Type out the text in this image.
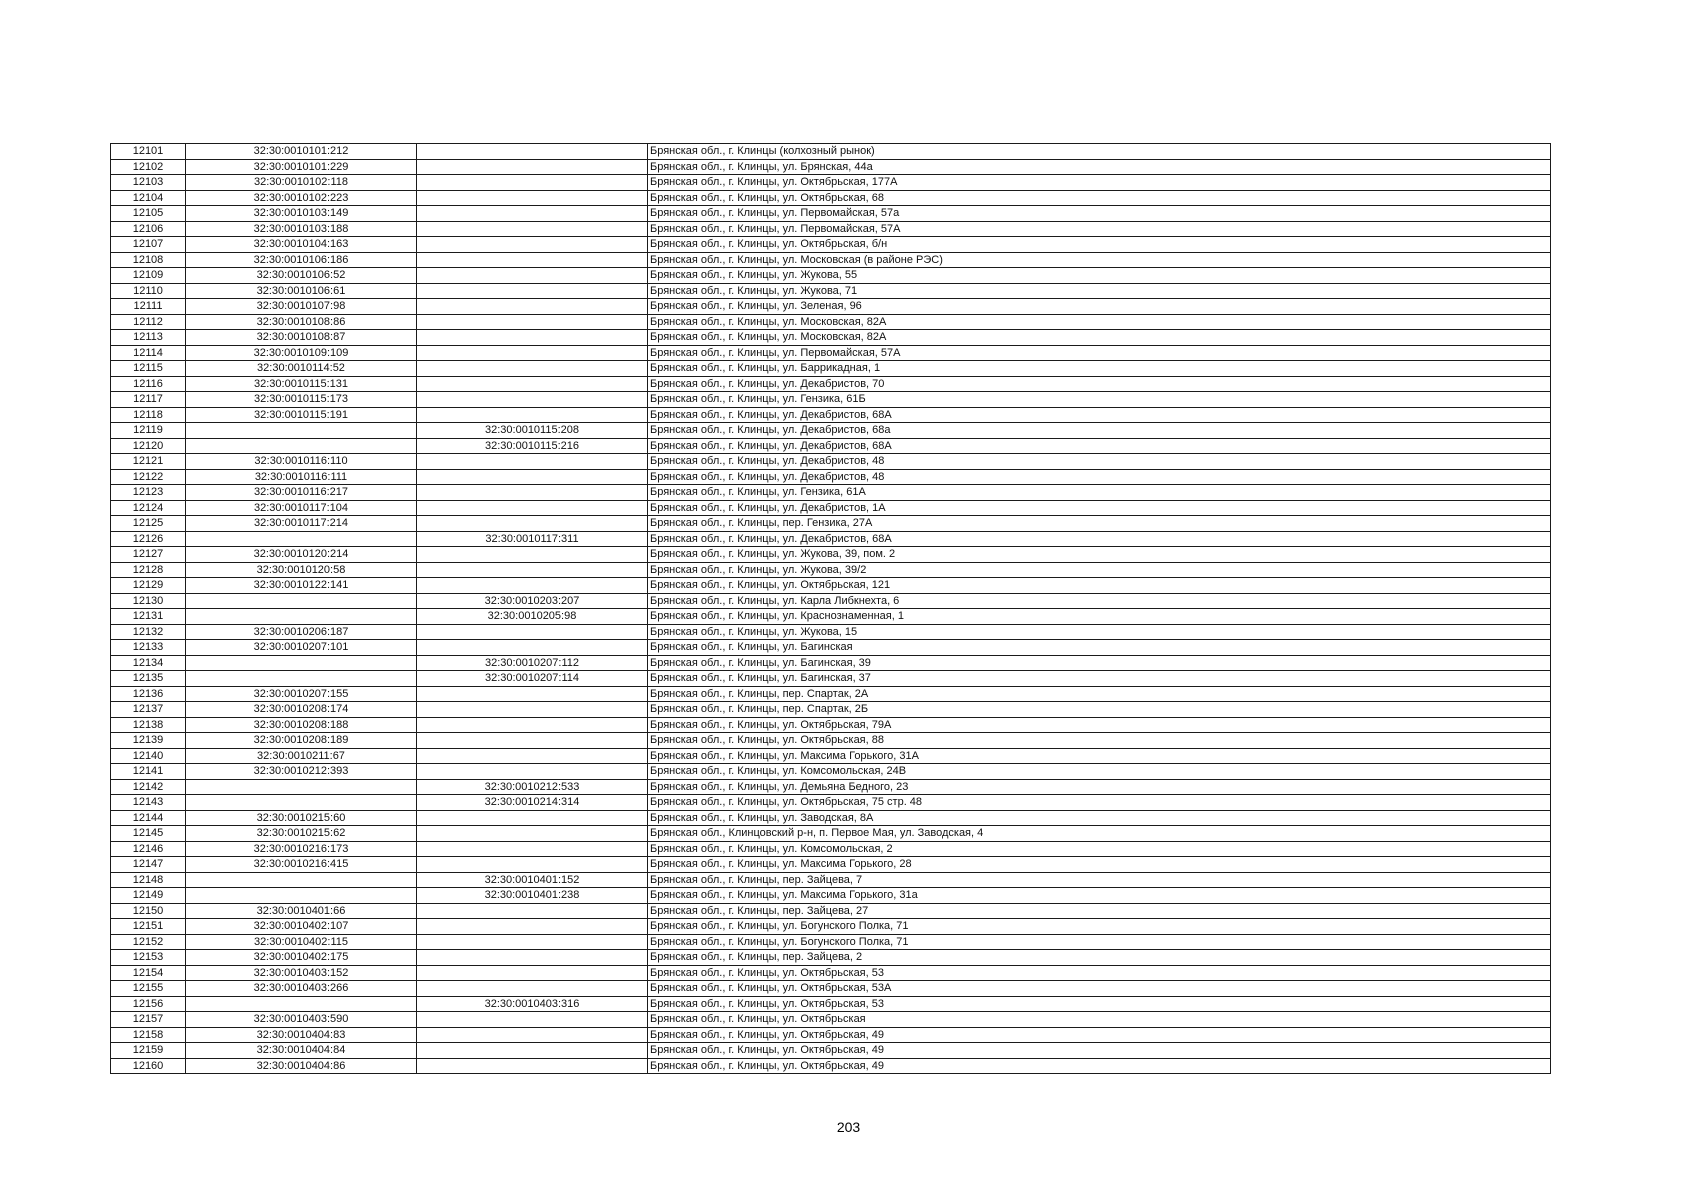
12101	32:30:0010101:212		Брянская обл., г. Клинцы (колхозный рынок)
12102	32:30:0010101:229		Брянская обл., г. Клинцы, ул. Брянская, 44а
12103	32:30:0010102:118		Брянская обл., г. Клинцы, ул. Октябрьская, 177А
12104	32:30:0010102:223		Брянская обл., г. Клинцы, ул. Октябрьская, 68
12105	32:30:0010103:149		Брянская обл., г. Клинцы, ул. Первомайская, 57а
12106	32:30:0010103:188		Брянская обл., г. Клинцы, ул. Первомайская, 57А
12107	32:30:0010104:163		Брянская обл., г. Клинцы, ул. Октябрьская, б/н
12108	32:30:0010106:186		Брянская обл., г. Клинцы, ул. Московская (в районе РЭС)
12109	32:30:0010106:52		Брянская обл., г. Клинцы, ул. Жукова, 55
12110	32:30:0010106:61		Брянская обл., г. Клинцы, ул. Жукова, 71
12111	32:30:0010107:98		Брянская обл., г. Клинцы, ул. Зеленая, 96
12112	32:30:0010108:86		Брянская обл., г. Клинцы, ул. Московская, 82А
12113	32:30:0010108:87		Брянская обл., г. Клинцы, ул. Московская, 82А
12114	32:30:0010109:109		Брянская обл., г. Клинцы, ул. Первомайская, 57А
12115	32:30:0010114:52		Брянская обл., г. Клинцы, ул. Баррикадная, 1
12116	32:30:0010115:131		Брянская обл., г. Клинцы, ул. Декабристов, 70
12117	32:30:0010115:173		Брянская обл., г. Клинцы, ул. Гензика, 61Б
12118	32:30:0010115:191		Брянская обл., г. Клинцы, ул. Декабристов, 68А
12119		32:30:0010115:208	Брянская обл., г. Клинцы, ул. Декабристов, 68а
12120		32:30:0010115:216	Брянская обл., г. Клинцы, ул. Декабристов, 68А
12121	32:30:0010116:110		Брянская обл., г. Клинцы, ул. Декабристов, 48
12122	32:30:0010116:111		Брянская обл., г. Клинцы, ул. Декабристов, 48
12123	32:30:0010116:217		Брянская обл., г. Клинцы, ул. Гензика, 61А
12124	32:30:0010117:104		Брянская обл., г. Клинцы, ул. Декабристов, 1А
12125	32:30:0010117:214		Брянская обл., г. Клинцы, пер. Гензика, 27А
12126		32:30:0010117:311	Брянская обл., г. Клинцы, ул. Декабристов, 68А
12127	32:30:0010120:214		Брянская обл., г. Клинцы, ул. Жукова, 39, пом. 2
12128	32:30:0010120:58		Брянская обл., г. Клинцы, ул. Жукова, 39/2
12129	32:30:0010122:141		Брянская обл., г. Клинцы, ул. Октябрьская, 121
12130		32:30:0010203:207	Брянская обл., г. Клинцы, ул. Карла Либкнехта, 6
12131		32:30:0010205:98	Брянская обл., г. Клинцы, ул. Краснознаменная, 1
12132	32:30:0010206:187		Брянская обл., г. Клинцы, ул. Жукова, 15
12133	32:30:0010207:101		Брянская обл., г. Клинцы, ул. Багинская
12134		32:30:0010207:112	Брянская обл., г. Клинцы, ул. Багинская, 39
12135		32:30:0010207:114	Брянская обл., г. Клинцы, ул. Багинская, 37
12136	32:30:0010207:155		Брянская обл., г. Клинцы, пер. Спартак, 2А
12137	32:30:0010208:174		Брянская обл., г. Клинцы, пер. Спартак, 2Б
12138	32:30:0010208:188		Брянская обл., г. Клинцы, ул. Октябрьская, 79А
12139	32:30:0010208:189		Брянская обл., г. Клинцы, ул. Октябрьская, 88
12140	32:30:0010211:67		Брянская обл., г. Клинцы, ул. Максима Горького, 31А
12141	32:30:0010212:393		Брянская обл., г. Клинцы, ул. Комсомольская, 24В
12142		32:30:0010212:533	Брянская обл., г. Клинцы, ул. Демьяна Бедного, 23
12143		32:30:0010214:314	Брянская обл., г. Клинцы, ул. Октябрьская, 75 стр. 48
12144	32:30:0010215:60		Брянская обл., г. Клинцы, ул. Заводская, 8А
12145	32:30:0010215:62		Брянская обл., Клинцовский р-н, п. Первое Мая, ул. Заводская, 4
12146	32:30:0010216:173		Брянская обл., г. Клинцы, ул. Комсомольская, 2
12147	32:30:0010216:415		Брянская обл., г. Клинцы, ул. Максима Горького, 28
12148		32:30:0010401:152	Брянская обл., г. Клинцы, пер. Зайцева, 7
12149		32:30:0010401:238	Брянская обл., г. Клинцы, ул. Максима Горького, 31а
12150	32:30:0010401:66		Брянская обл., г. Клинцы, пер. Зайцева, 27
12151	32:30:0010402:107		Брянская обл., г. Клинцы, ул. Богунского Полка, 71
12152	32:30:0010402:115		Брянская обл., г. Клинцы, ул. Богунского Полка, 71
12153	32:30:0010402:175		Брянская обл., г. Клинцы, пер. Зайцева, 2
12154	32:30:0010403:152		Брянская обл., г. Клинцы, ул. Октябрьская, 53
12155	32:30:0010403:266		Брянская обл., г. Клинцы, ул. Октябрьская, 53А
12156		32:30:0010403:316	Брянская обл., г. Клинцы, ул. Октябрьская, 53
12157	32:30:0010403:590		Брянская обл., г. Клинцы, ул. Октябрьская
12158	32:30:0010404:83		Брянская обл., г. Клинцы, ул. Октябрьская, 49
12159	32:30:0010404:84		Брянская обл., г. Клинцы, ул. Октябрьская, 49
12160	32:30:0010404:86		Брянская обл., г. Клинцы, ул. Октябрьская, 49
203
